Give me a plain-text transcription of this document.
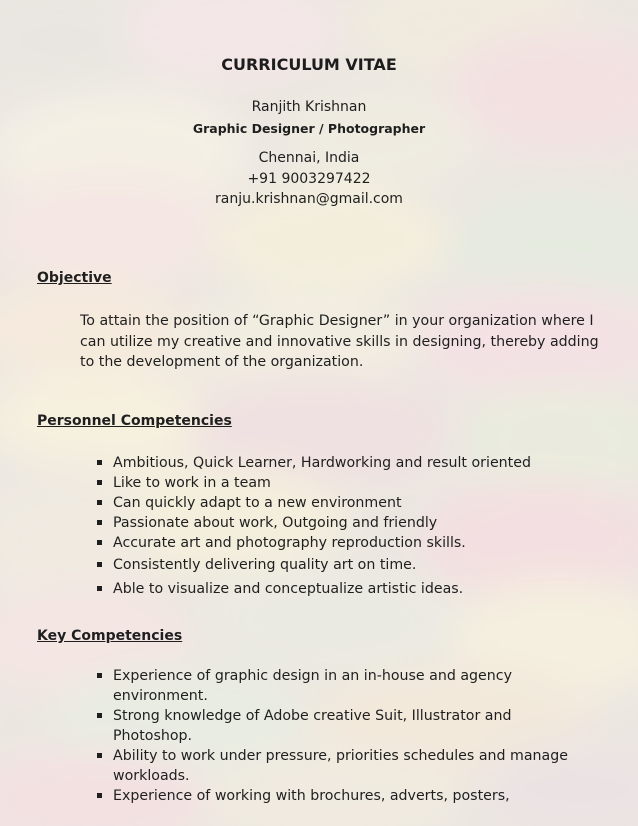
CURRICULUM VITAE
Ranjith Krishnan
Graphic Designer / Photographer
Chennai, India
+91 9003297422
ranju.krishnan@gmail.com
Objective
To attain the position of “Graphic Designer” in your organization where I can utilize my creative and innovative skills in designing, thereby adding to the development of the organization.
Personnel Competencies
Ambitious, Quick Learner, Hardworking and result oriented
Like to work in a team
Can quickly adapt to a new environment
Passionate about work, Outgoing and friendly
Accurate art and photography reproduction skills.
Consistently delivering quality art on time.
Able to visualize and conceptualize artistic ideas.
Key Competencies
Experience of graphic design in an in-house and agency environment.
Strong knowledge of Adobe creative Suit, Illustrator and Photoshop.
Ability to work under pressure, priorities schedules and manage workloads.
Experience of working with brochures, adverts, posters,
